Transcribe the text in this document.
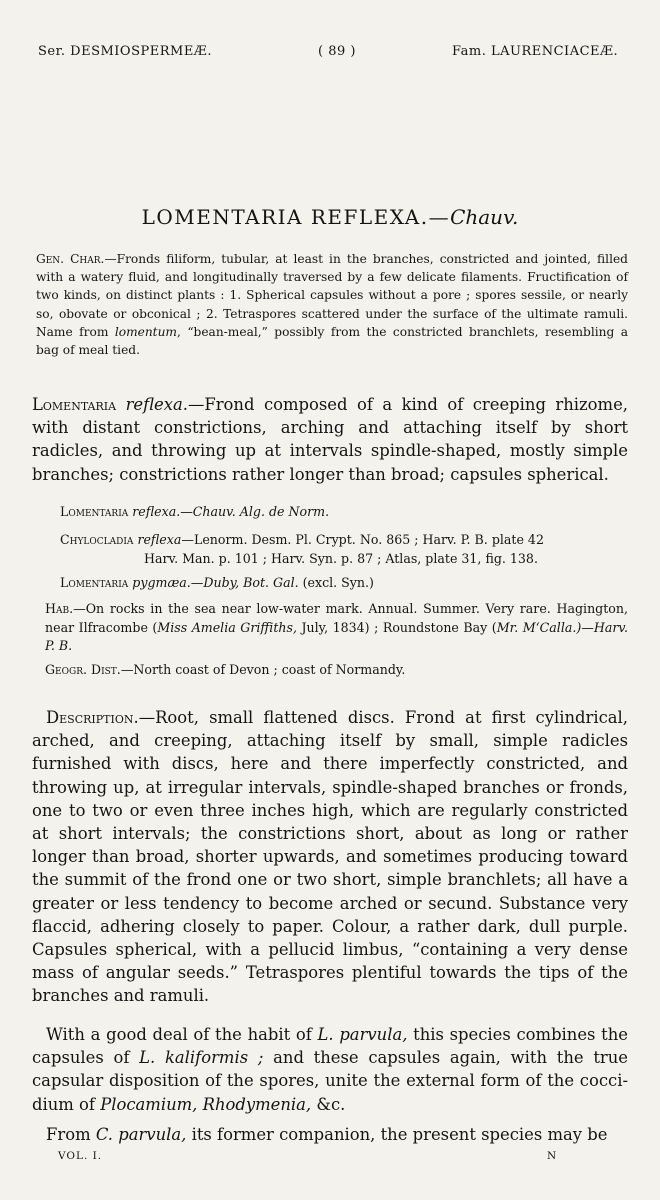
Ser. DESMIOSPERMEÆ.	( 89 )	Fam. LAURENCIACEÆ.
LOMENTARIA REFLEXA.—Chauv.
Gen. Char.—Fronds filiform, tubular, at least in the branches, constricted and jointed, filled with a watery fluid, and longitudinally traversed by a few delicate filaments. Fructification of two kinds, on distinct plants : 1. Spherical capsules without a pore ; spores sessile, or nearly so, obovate or obconical ; 2. Tetraspores scattered under the surface of the ultimate ramuli. Name from lomentum, “bean-meal,” possibly from the constricted branchlets, resembling a bag of meal tied.
Lomentaria reflexa.—Frond composed of a kind of creeping rhizome, with distant constrictions, arching and attaching itself by short radicles, and throwing up at intervals spindle-shaped, mostly simple branches; constrictions rather longer than broad; capsules spherical.
Lomentaria reflexa.—Chauv. Alg. de Norm.
Chylocladia reflexa—Lenorm. Desm. Pl. Crypt. No. 865 ; Harv. P. B. plate 42
Harv. Man. p. 101 ; Harv. Syn. p. 87 ; Atlas, plate 31, fig. 138.
Lomentaria pygmæa.—Duby, Bot. Gal. (excl. Syn.)
Hab.—On rocks in the sea near low-water mark. Annual. Summer. Very rare. Hagington, near Ilfracombe (Miss Amelia Griffiths, July, 1834) ; Roundstone Bay (Mr. M‘Calla.)—Harv. P. B.
Geogr. Dist.—North coast of Devon ; coast of Normandy.
Description.—Root, small flattened discs. Frond at first cylindrical, arched, and creeping, attaching itself by small, simple radicles furnished with discs, here and there imperfectly constricted, and throwing up, at irregular intervals, spindle-shaped branches or fronds, one to two or even three inches high, which are regularly constricted at short intervals; the constrictions short, about as long or rather longer than broad, shorter upwards, and sometimes producing toward the summit of the frond one or two short, simple branchlets; all have a greater or less tendency to become arched or secund. Substance very flaccid, adhering closely to paper. Colour, a rather dark, dull purple. Capsules spherical, with a pellucid limbus, “containing a very dense mass of angular seeds.” Tetraspores plentiful towards the tips of the branches and ramuli.
With a good deal of the habit of L. parvula, this species combines the capsules of L. kaliformis ; and these capsules again, with the true capsular disposition of the spores, unite the external form of the coccidium of Plocamium, Rhodymenia, &c.
From C. parvula, its former companion, the present species may be
VOL. I.	N
